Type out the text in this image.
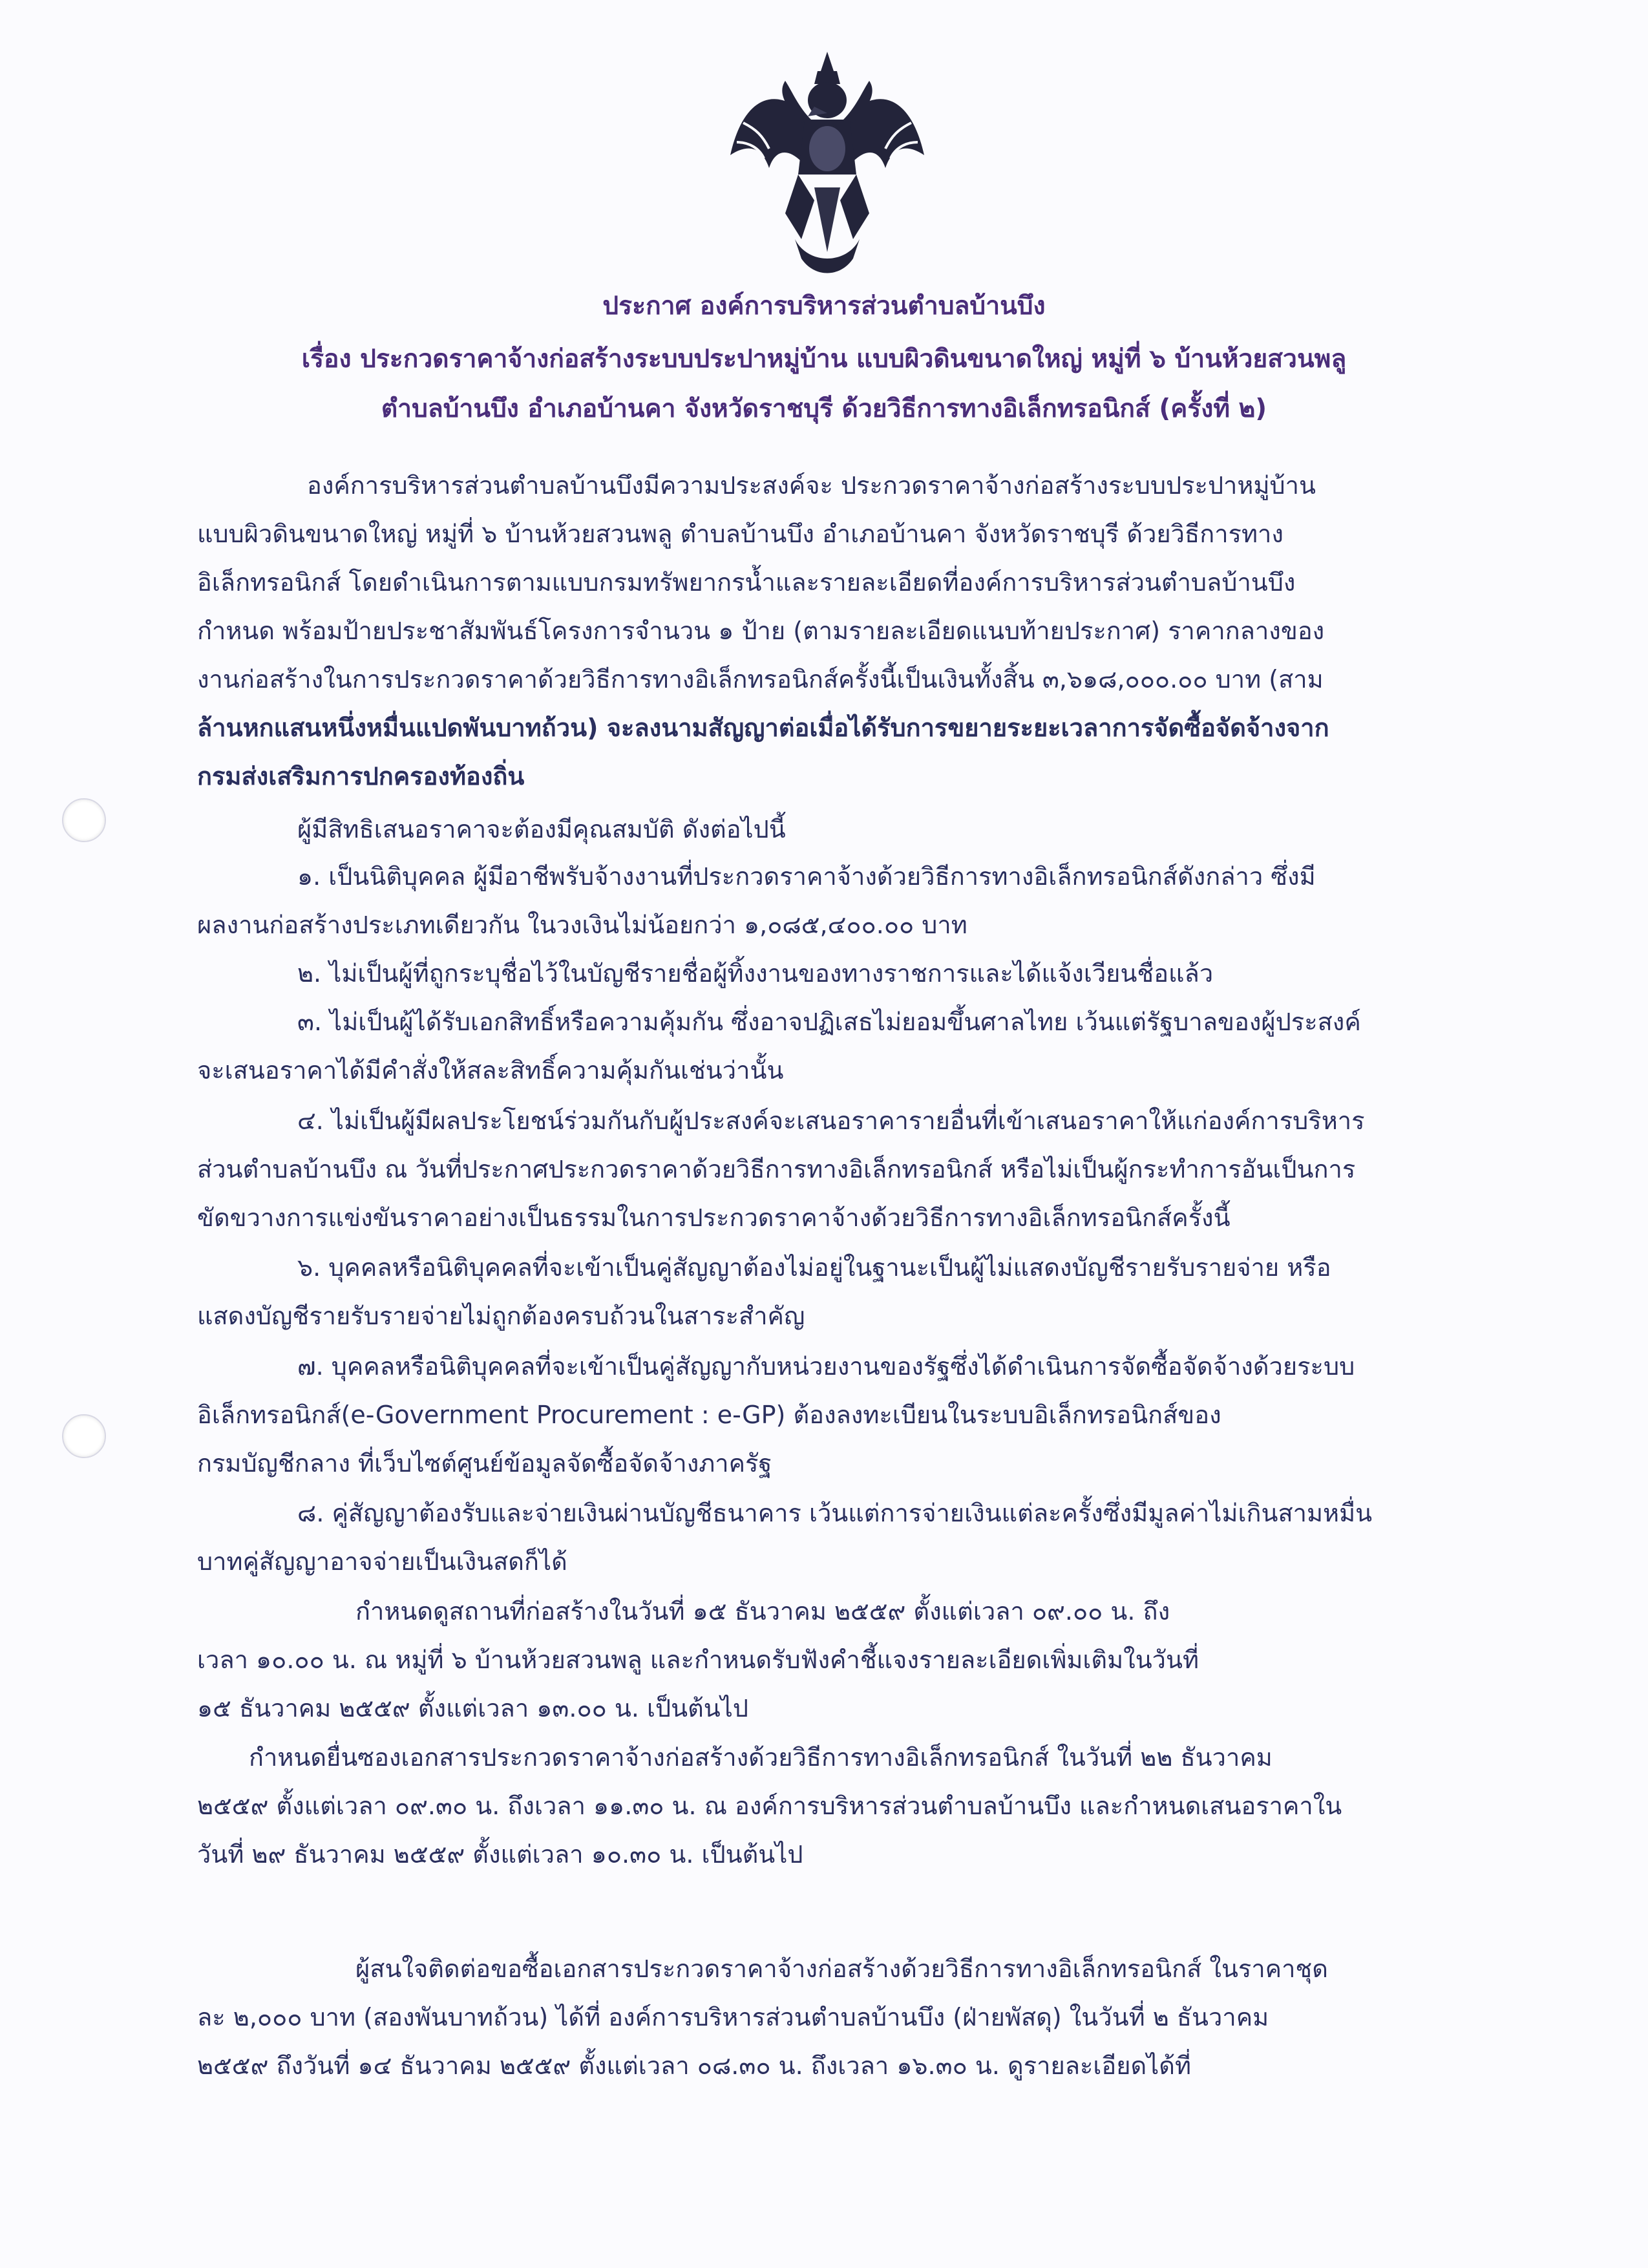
ประกาศ องค์การบริหารส่วนตำบลบ้านบึง
เรื่อง ประกวดราคาจ้างก่อสร้างระบบประปาหมู่บ้าน แบบผิวดินขนาดใหญ่ หมู่ที่ ๖ บ้านห้วยสวนพลู
ตำบลบ้านบึง อำเภอบ้านคา จังหวัดราชบุรี ด้วยวิธีการทางอิเล็กทรอนิกส์ (ครั้งที่ ๒)
องค์การบริหารส่วนตำบลบ้านบึงมีความประสงค์จะ ประกวดราคาจ้างก่อสร้างระบบประปาหมู่บ้าน
แบบผิวดินขนาดใหญ่ หมู่ที่ ๖ บ้านห้วยสวนพลู ตำบลบ้านบึง อำเภอบ้านคา จังหวัดราชบุรี ด้วยวิธีการทาง
อิเล็กทรอนิกส์ โดยดำเนินการตามแบบกรมทรัพยากรน้ำและรายละเอียดที่องค์การบริหารส่วนตำบลบ้านบึง
กำหนด พร้อมป้ายประชาสัมพันธ์โครงการจำนวน ๑ ป้าย (ตามรายละเอียดแนบท้ายประกาศ) ราคากลางของ
งานก่อสร้างในการประกวดราคาด้วยวิธีการทางอิเล็กทรอนิกส์ครั้งนี้เป็นเงินทั้งสิ้น ๓,๖๑๘,๐๐๐.๐๐ บาท (สาม
ล้านหกแสนหนึ่งหมื่นแปดพันบาทถ้วน) จะลงนามสัญญาต่อเมื่อได้รับการขยายระยะเวลาการจัดซื้อจัดจ้างจาก
กรมส่งเสริมการปกครองท้องถิ่น
ผู้มีสิทธิเสนอราคาจะต้องมีคุณสมบัติ ดังต่อไปนี้
๑. เป็นนิติบุคคล ผู้มีอาชีพรับจ้างงานที่ประกวดราคาจ้างด้วยวิธีการทางอิเล็กทรอนิกส์ดังกล่าว ซึ่งมี
ผลงานก่อสร้างประเภทเดียวกัน ในวงเงินไม่น้อยกว่า ๑,๐๘๕,๔๐๐.๐๐ บาท
๒. ไม่เป็นผู้ที่ถูกระบุชื่อไว้ในบัญชีรายชื่อผู้ทิ้งงานของทางราชการและได้แจ้งเวียนชื่อแล้ว
๓. ไม่เป็นผู้ได้รับเอกสิทธิ์หรือความคุ้มกัน ซึ่งอาจปฏิเสธไม่ยอมขึ้นศาลไทย เว้นแต่รัฐบาลของผู้ประสงค์
จะเสนอราคาได้มีคำสั่งให้สละสิทธิ์ความคุ้มกันเช่นว่านั้น
๔. ไม่เป็นผู้มีผลประโยชน์ร่วมกันกับผู้ประสงค์จะเสนอราคารายอื่นที่เข้าเสนอราคาให้แก่องค์การบริหาร
ส่วนตำบลบ้านบึง ณ วันที่ประกาศประกวดราคาด้วยวิธีการทางอิเล็กทรอนิกส์ หรือไม่เป็นผู้กระทำการอันเป็นการ
ขัดขวางการแข่งขันราคาอย่างเป็นธรรมในการประกวดราคาจ้างด้วยวิธีการทางอิเล็กทรอนิกส์ครั้งนี้
๖. บุคคลหรือนิติบุคคลที่จะเข้าเป็นคู่สัญญาต้องไม่อยู่ในฐานะเป็นผู้ไม่แสดงบัญชีรายรับรายจ่าย หรือ
แสดงบัญชีรายรับรายจ่ายไม่ถูกต้องครบถ้วนในสาระสำคัญ
๗. บุคคลหรือนิติบุคคลที่จะเข้าเป็นคู่สัญญากับหน่วยงานของรัฐซึ่งได้ดำเนินการจัดซื้อจัดจ้างด้วยระบบ
อิเล็กทรอนิกส์(e-Government Procurement : e-GP) ต้องลงทะเบียนในระบบอิเล็กทรอนิกส์ของ
กรมบัญชีกลาง ที่เว็บไซต์ศูนย์ข้อมูลจัดซื้อจัดจ้างภาครัฐ
๘. คู่สัญญาต้องรับและจ่ายเงินผ่านบัญชีธนาคาร เว้นแต่การจ่ายเงินแต่ละครั้งซึ่งมีมูลค่าไม่เกินสามหมื่น
บาทคู่สัญญาอาจจ่ายเป็นเงินสดก็ได้
กำหนดดูสถานที่ก่อสร้างในวันที่ ๑๕ ธันวาคม ๒๕๕๙ ตั้งแต่เวลา ๐๙.๐๐ น. ถึง
เวลา ๑๐.๐๐ น. ณ หมู่ที่ ๖ บ้านห้วยสวนพลู และกำหนดรับฟังคำชี้แจงรายละเอียดเพิ่มเติมในวันที่
๑๕ ธันวาคม ๒๕๕๙ ตั้งแต่เวลา ๑๓.๐๐ น. เป็นต้นไป
กำหนดยื่นซองเอกสารประกวดราคาจ้างก่อสร้างด้วยวิธีการทางอิเล็กทรอนิกส์ ในวันที่ ๒๒ ธันวาคม
๒๕๕๙ ตั้งแต่เวลา ๐๙.๓๐ น. ถึงเวลา ๑๑.๓๐ น. ณ องค์การบริหารส่วนตำบลบ้านบึง และกำหนดเสนอราคาใน
วันที่ ๒๙ ธันวาคม ๒๕๕๙ ตั้งแต่เวลา ๑๐.๓๐ น. เป็นต้นไป
ผู้สนใจติดต่อขอซื้อเอกสารประกวดราคาจ้างก่อสร้างด้วยวิธีการทางอิเล็กทรอนิกส์ ในราคาชุด
ละ ๒,๐๐๐ บาท (สองพันบาทถ้วน) ได้ที่ องค์การบริหารส่วนตำบลบ้านบึง (ฝ่ายพัสดุ) ในวันที่ ๒ ธันวาคม
๒๕๕๙ ถึงวันที่ ๑๔ ธันวาคม ๒๕๕๙ ตั้งแต่เวลา ๐๘.๓๐ น. ถึงเวลา ๑๖.๓๐ น. ดูรายละเอียดได้ที่
